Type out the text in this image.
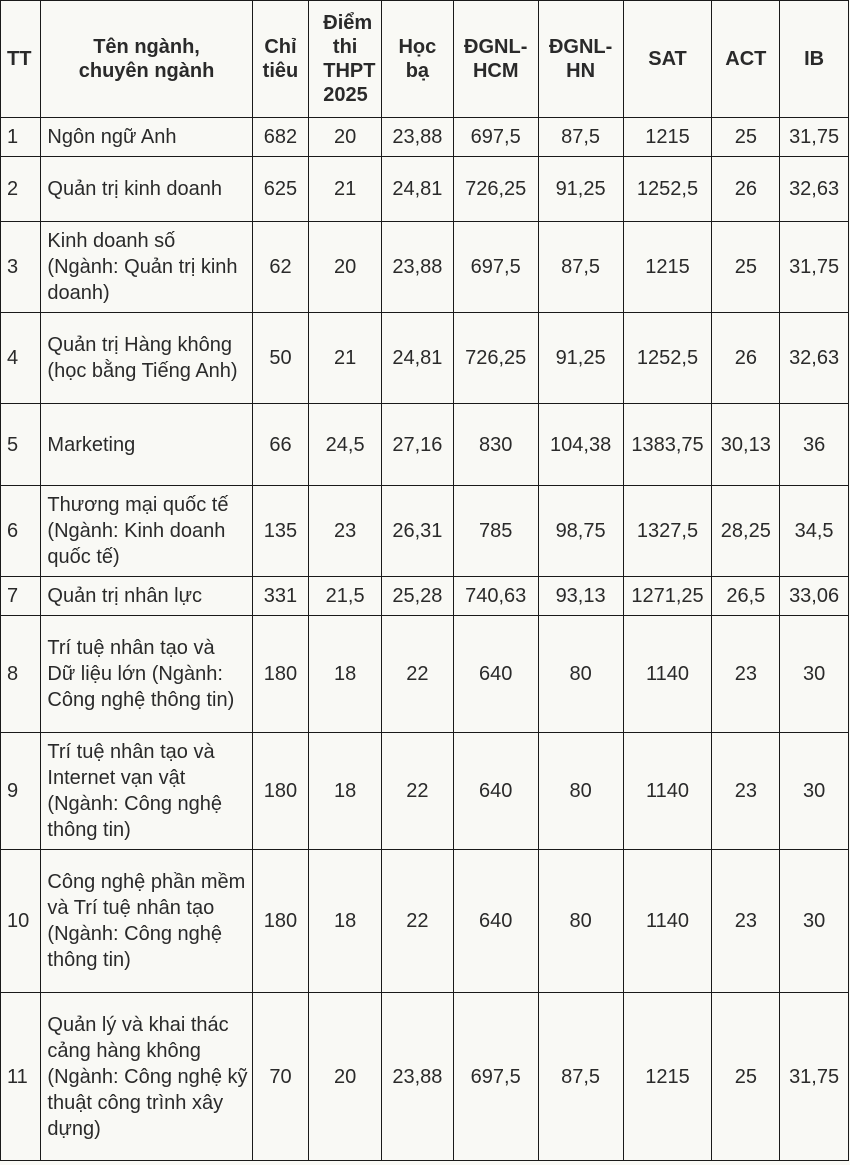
TT	Tên ngành, chuyên ngành	Chỉ tiêu	Điểm thi THPT 2025	Học bạ	ĐGNL-HCM	ĐGNL-HN	SAT	ACT	IB
1	Ngôn ngữ Anh	682	20	23,88	697,5	87,5	1215	25	31,75
2	Quản trị kinh doanh	625	21	24,81	726,25	91,25	1252,5	26	32,63
3	Kinh doanh số (Ngành: Quản trị kinh doanh)	62	20	23,88	697,5	87,5	1215	25	31,75
4	Quản trị Hàng không (học bằng Tiếng Anh)	50	21	24,81	726,25	91,25	1252,5	26	32,63
5	Marketing	66	24,5	27,16	830	104,38	1383,75	30,13	36
6	Thương mại quốc tế (Ngành: Kinh doanh quốc tế)	135	23	26,31	785	98,75	1327,5	28,25	34,5
7	Quản trị nhân lực	331	21,5	25,28	740,63	93,13	1271,25	26,5	33,06
8	Trí tuệ nhân tạo và Dữ liệu lớn (Ngành: Công nghệ thông tin)	180	18	22	640	80	1140	23	30
9	Trí tuệ nhân tạo và Internet vạn vật (Ngành: Công nghệ thông tin)	180	18	22	640	80	1140	23	30
10	Công nghệ phần mềm và Trí tuệ nhân tạo (Ngành: Công nghệ thông tin)	180	18	22	640	80	1140	23	30
11	Quản lý và khai thác cảng hàng không (Ngành: Công nghệ kỹ thuật công trình xây dựng)	70	20	23,88	697,5	87,5	1215	25	31,75
